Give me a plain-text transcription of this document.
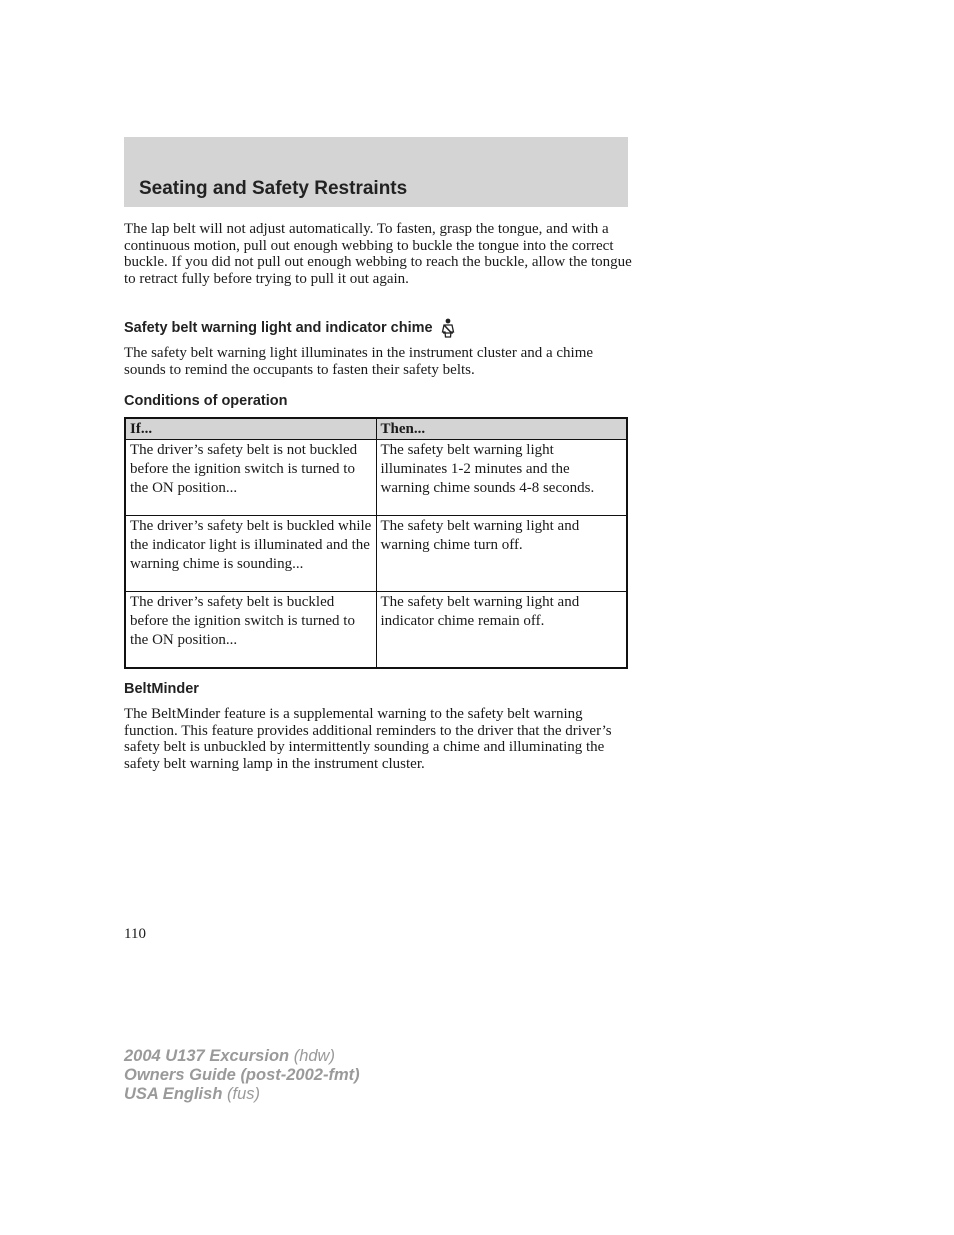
Seating and Safety Restraints

The lap belt will not adjust automatically. To fasten, grasp the tongue, and with a continuous motion, pull out enough webbing to buckle the tongue into the correct buckle. If you did not pull out enough webbing to reach the buckle, allow the tongue to retract fully before trying to pull it out again.

Safety belt warning light and indicator chime

The safety belt warning light illuminates in the instrument cluster and a chime sounds to remind the occupants to fasten their safety belts.

Conditions of operation
If...	Then...
The driver’s safety belt is not buckled before the ignition switch is turned to the ON position...	The safety belt warning light illuminates 1-2 minutes and the warning chime sounds 4-8 seconds.
The driver’s safety belt is buckled while the indicator light is illuminated and the warning chime is sounding...	The safety belt warning light and warning chime turn off.
The driver’s safety belt is buckled before the ignition switch is turned to the ON position...	The safety belt warning light and indicator chime remain off.
BeltMinder

The BeltMinder feature is a supplemental warning to the safety belt warning function. This feature provides additional reminders to the driver that the driver’s safety belt is unbuckled by intermittently sounding a chime and illuminating the safety belt warning lamp in the instrument cluster.

110
2004 U137 Excursion (hdw)
Owners Guide (post-2002-fmt)
USA English (fus)
